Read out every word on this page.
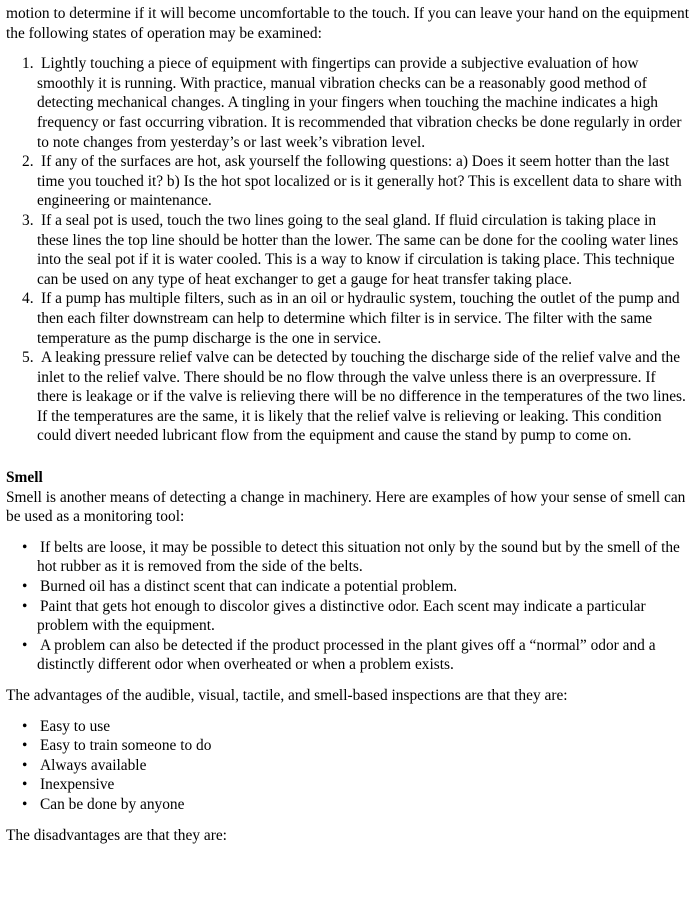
motion to determine if it will become uncomfortable to the touch. If you can leave your hand on the equipment the following states of operation may be examined:

1. Lightly touching a piece of equipment with fingertips can provide a subjective evaluation of how smoothly it is running. With practice, manual vibration checks can be a reasonably good method of detecting mechanical changes. A tingling in your fingers when touching the machine indicates a high frequency or fast occurring vibration. It is recommended that vibration checks be done regularly in order to note changes from yesterday’s or last week’s vibration level.
2. If any of the surfaces are hot, ask yourself the following questions: a) Does it seem hotter than the last time you touched it? b) Is the hot spot localized or is it generally hot? This is excellent data to share with engineering or maintenance.
3. If a seal pot is used, touch the two lines going to the seal gland. If fluid circulation is taking place in these lines the top line should be hotter than the lower. The same can be done for the cooling water lines into the seal pot if it is water cooled. This is a way to know if circulation is taking place. This technique can be used on any type of heat exchanger to get a gauge for heat transfer taking place.
4. If a pump has multiple filters, such as in an oil or hydraulic system, touching the outlet of the pump and then each filter downstream can help to determine which filter is in service. The filter with the same temperature as the pump discharge is the one in service.
5. A leaking pressure relief valve can be detected by touching the discharge side of the relief valve and the inlet to the relief valve. There should be no flow through the valve unless there is an overpressure. If there is leakage or if the valve is relieving there will be no difference in the temperatures of the two lines. If the temperatures are the same, it is likely that the relief valve is relieving or leaking. This condition could divert needed lubricant flow from the equipment and cause the stand by pump to come on.

Smell

Smell is another means of detecting a change in machinery. Here are examples of how your sense of smell can be used as a monitoring tool:

• If belts are loose, it may be possible to detect this situation not only by the sound but by the smell of the hot rubber as it is removed from the side of the belts.
• Burned oil has a distinct scent that can indicate a potential problem.
• Paint that gets hot enough to discolor gives a distinctive odor. Each scent may indicate a particular problem with the equipment.
• A problem can also be detected if the product processed in the plant gives off a “normal” odor and a distinctly different odor when overheated or when a problem exists.

The advantages of the audible, visual, tactile, and smell-based inspections are that they are:

• Easy to use
• Easy to train someone to do
• Always available
• Inexpensive
• Can be done by anyone

The disadvantages are that they are:
